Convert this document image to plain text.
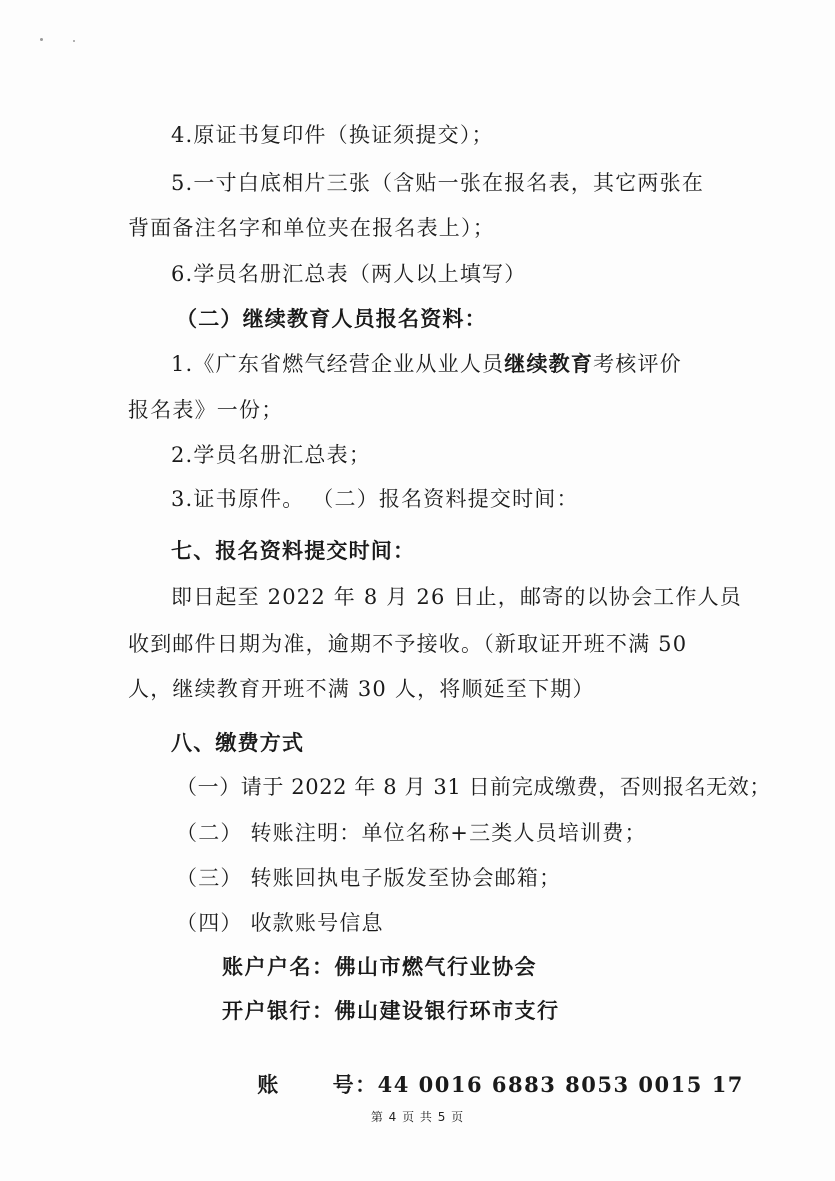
4.原证书复印件（换证须提交）；
5.一寸白底相片三张（含贴一张在报名表，其它两张在
背面备注名字和单位夹在报名表上）；
6.学员名册汇总表（两人以上填写）
（二）继续教育人员报名资料：
1.《广东省燃气经营企业从业人员继续教育考核评价
报名表》一份；
2.学员名册汇总表；
3.证书原件。 （二）报名资料提交时间：
七、报名资料提交时间：
即日起至 2022 年 8 月 26 日止，邮寄的以协会工作人员
收到邮件日期为准，逾期不予接收。（新取证开班不满 50
人，继续教育开班不满 30 人，将顺延至下期）
八、缴费方式
（一）请于 2022 年 8 月 31 日前完成缴费，否则报名无效；
（二） 转账注明：单位名称+三类人员培训费；
（三） 转账回执电子版发至协会邮箱；
（四） 收款账号信息
账户户名：佛山市燃气行业协会
开户银行：佛山建设银行环市支行

账      号：44 0016 6883 8053 0015 17

第 4 页 共 5 页
